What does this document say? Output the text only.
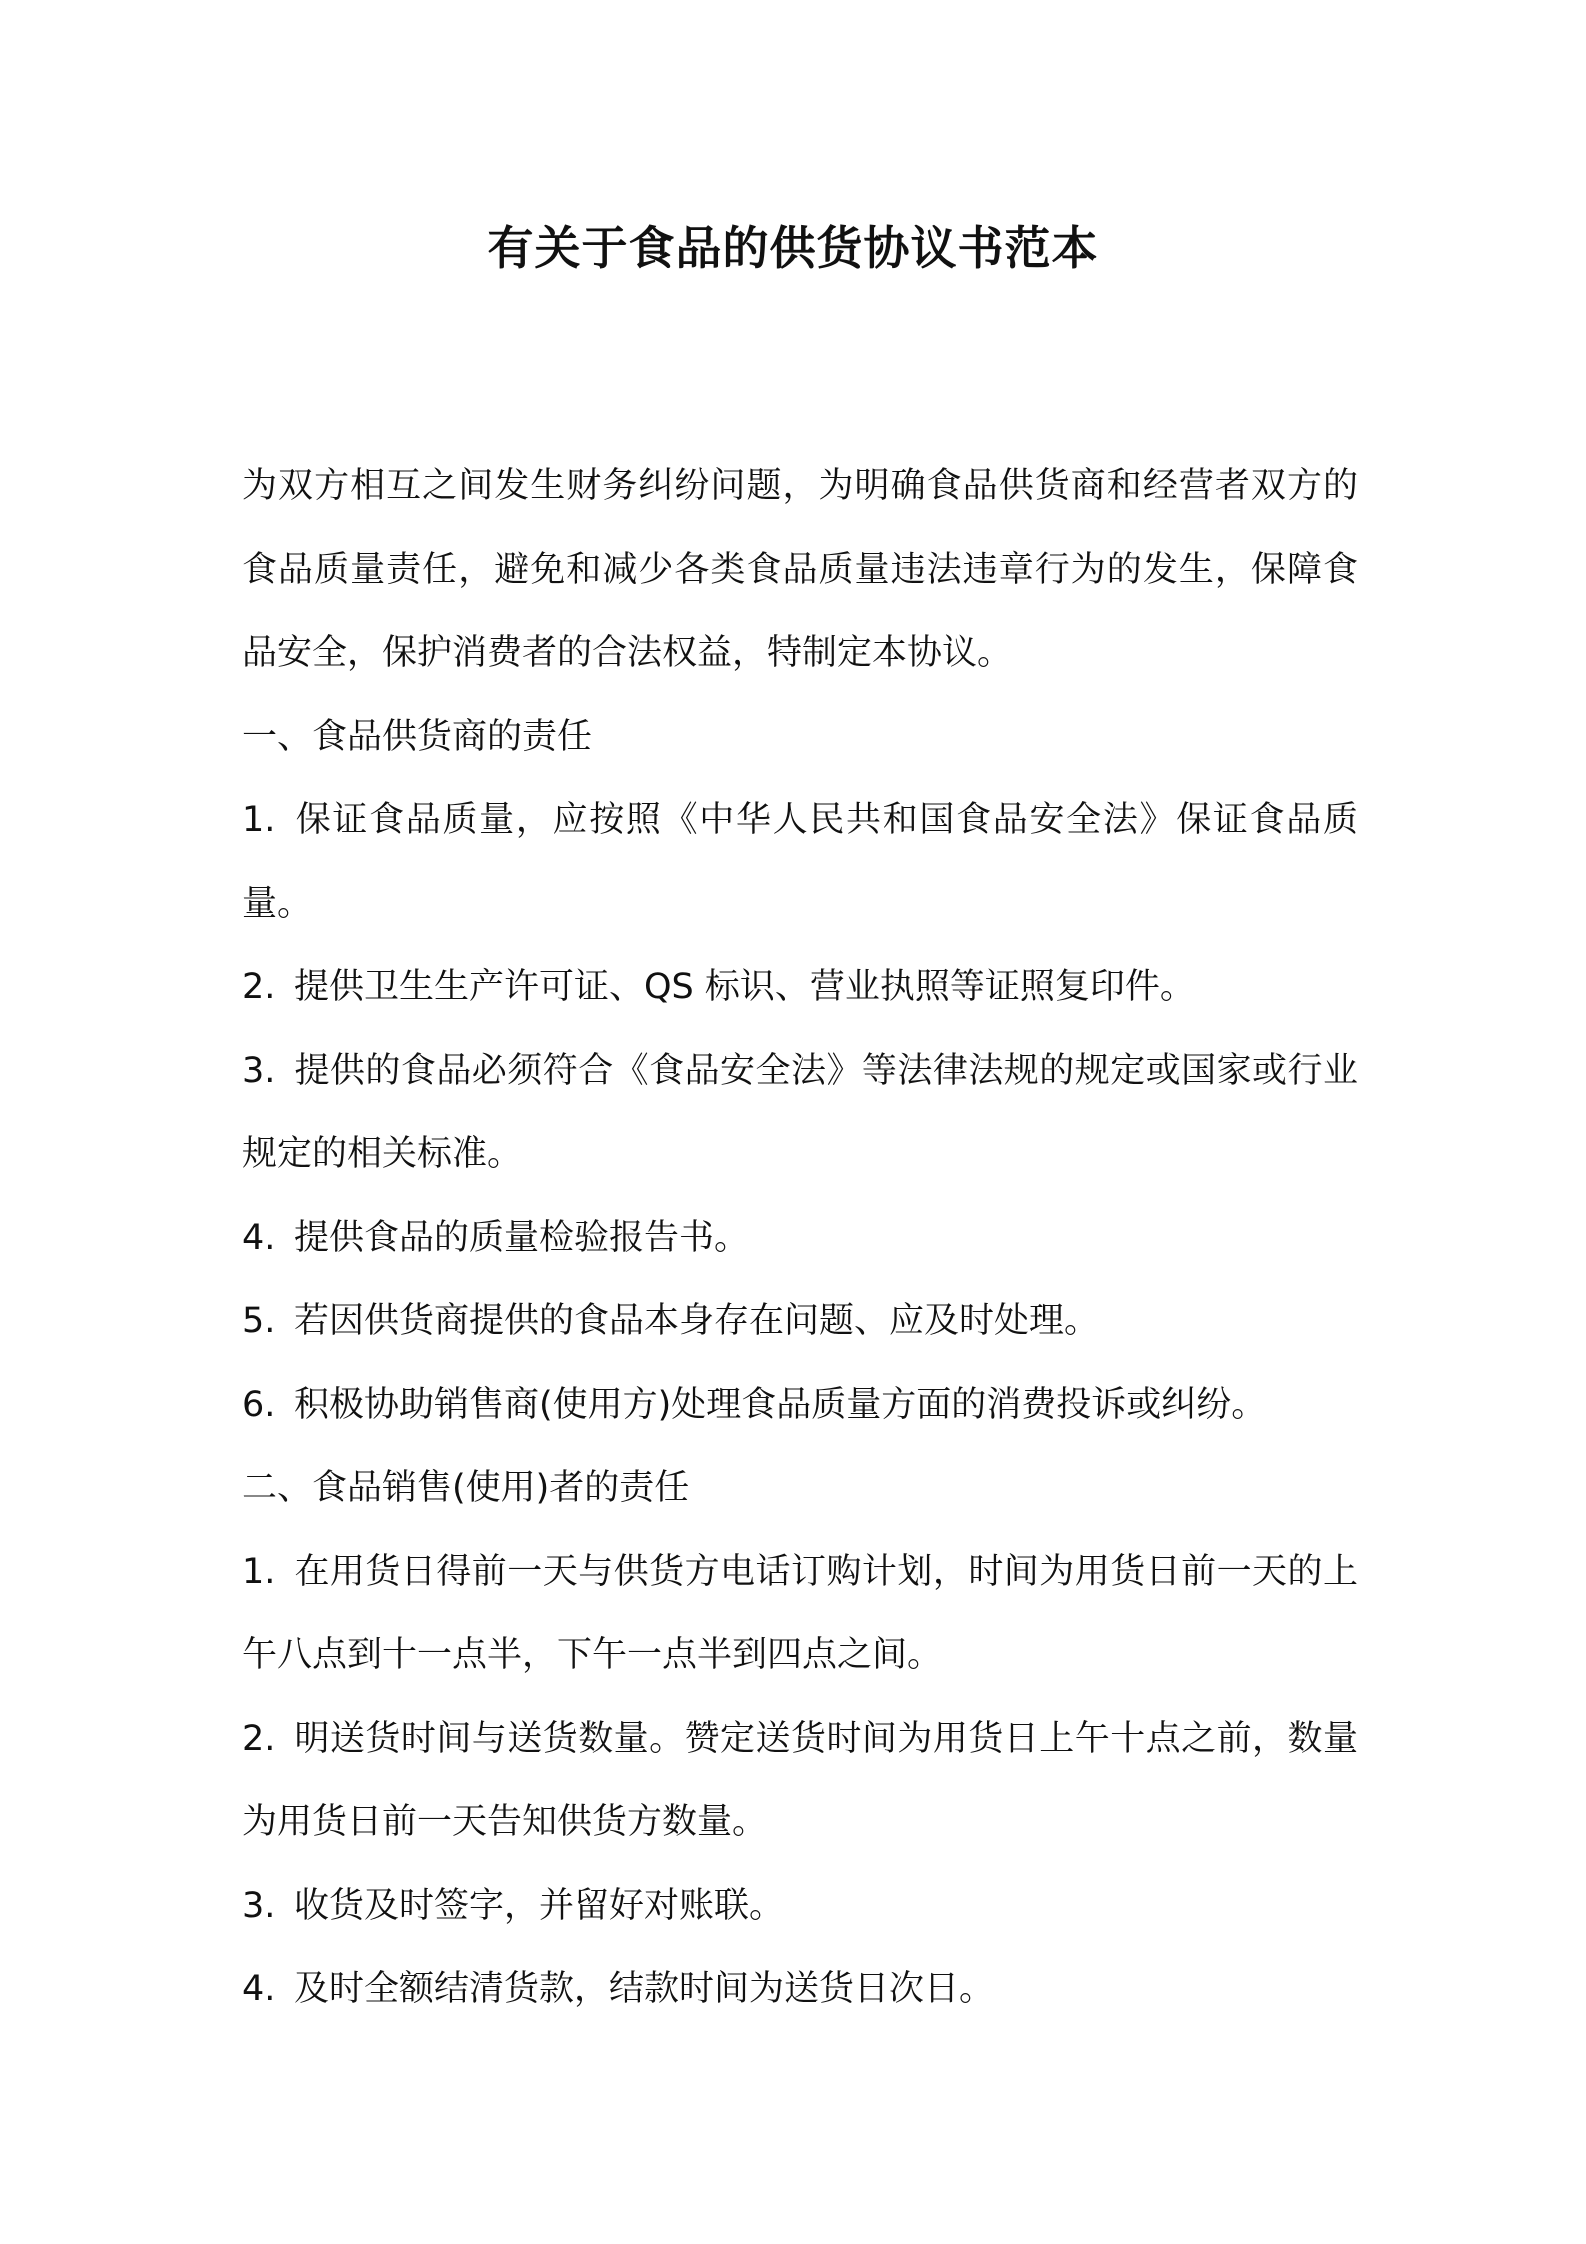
有关于食品的供货协议书范本

为双方相互之间发生财务纠纷问题，为明确食品供货商和经营者双方的食品质量责任，避免和减少各类食品质量违法违章行为的发生，保障食品安全，保护消费者的合法权益，特制定本协议。

一、食品供货商的责任

1. 保证食品质量，应按照《中华人民共和国食品安全法》保证食品质量。

2. 提供卫生生产许可证、QS 标识、营业执照等证照复印件。

3. 提供的食品必须符合《食品安全法》等法律法规的规定或国家或行业规定的相关标准。

4. 提供食品的质量检验报告书。

5. 若因供货商提供的食品本身存在问题、应及时处理。

6. 积极协助销售商(使用方)处理食品质量方面的消费投诉或纠纷。

二、食品销售(使用)者的责任

1. 在用货日得前一天与供货方电话订购计划，时间为用货日前一天的上午八点到十一点半，下午一点半到四点之间。

2. 明送货时间与送货数量。赞定送货时间为用货日上午十点之前，数量为用货日前一天告知供货方数量。

3. 收货及时签字，并留好对账联。

4. 及时全额结清货款，结款时间为送货日次日。
